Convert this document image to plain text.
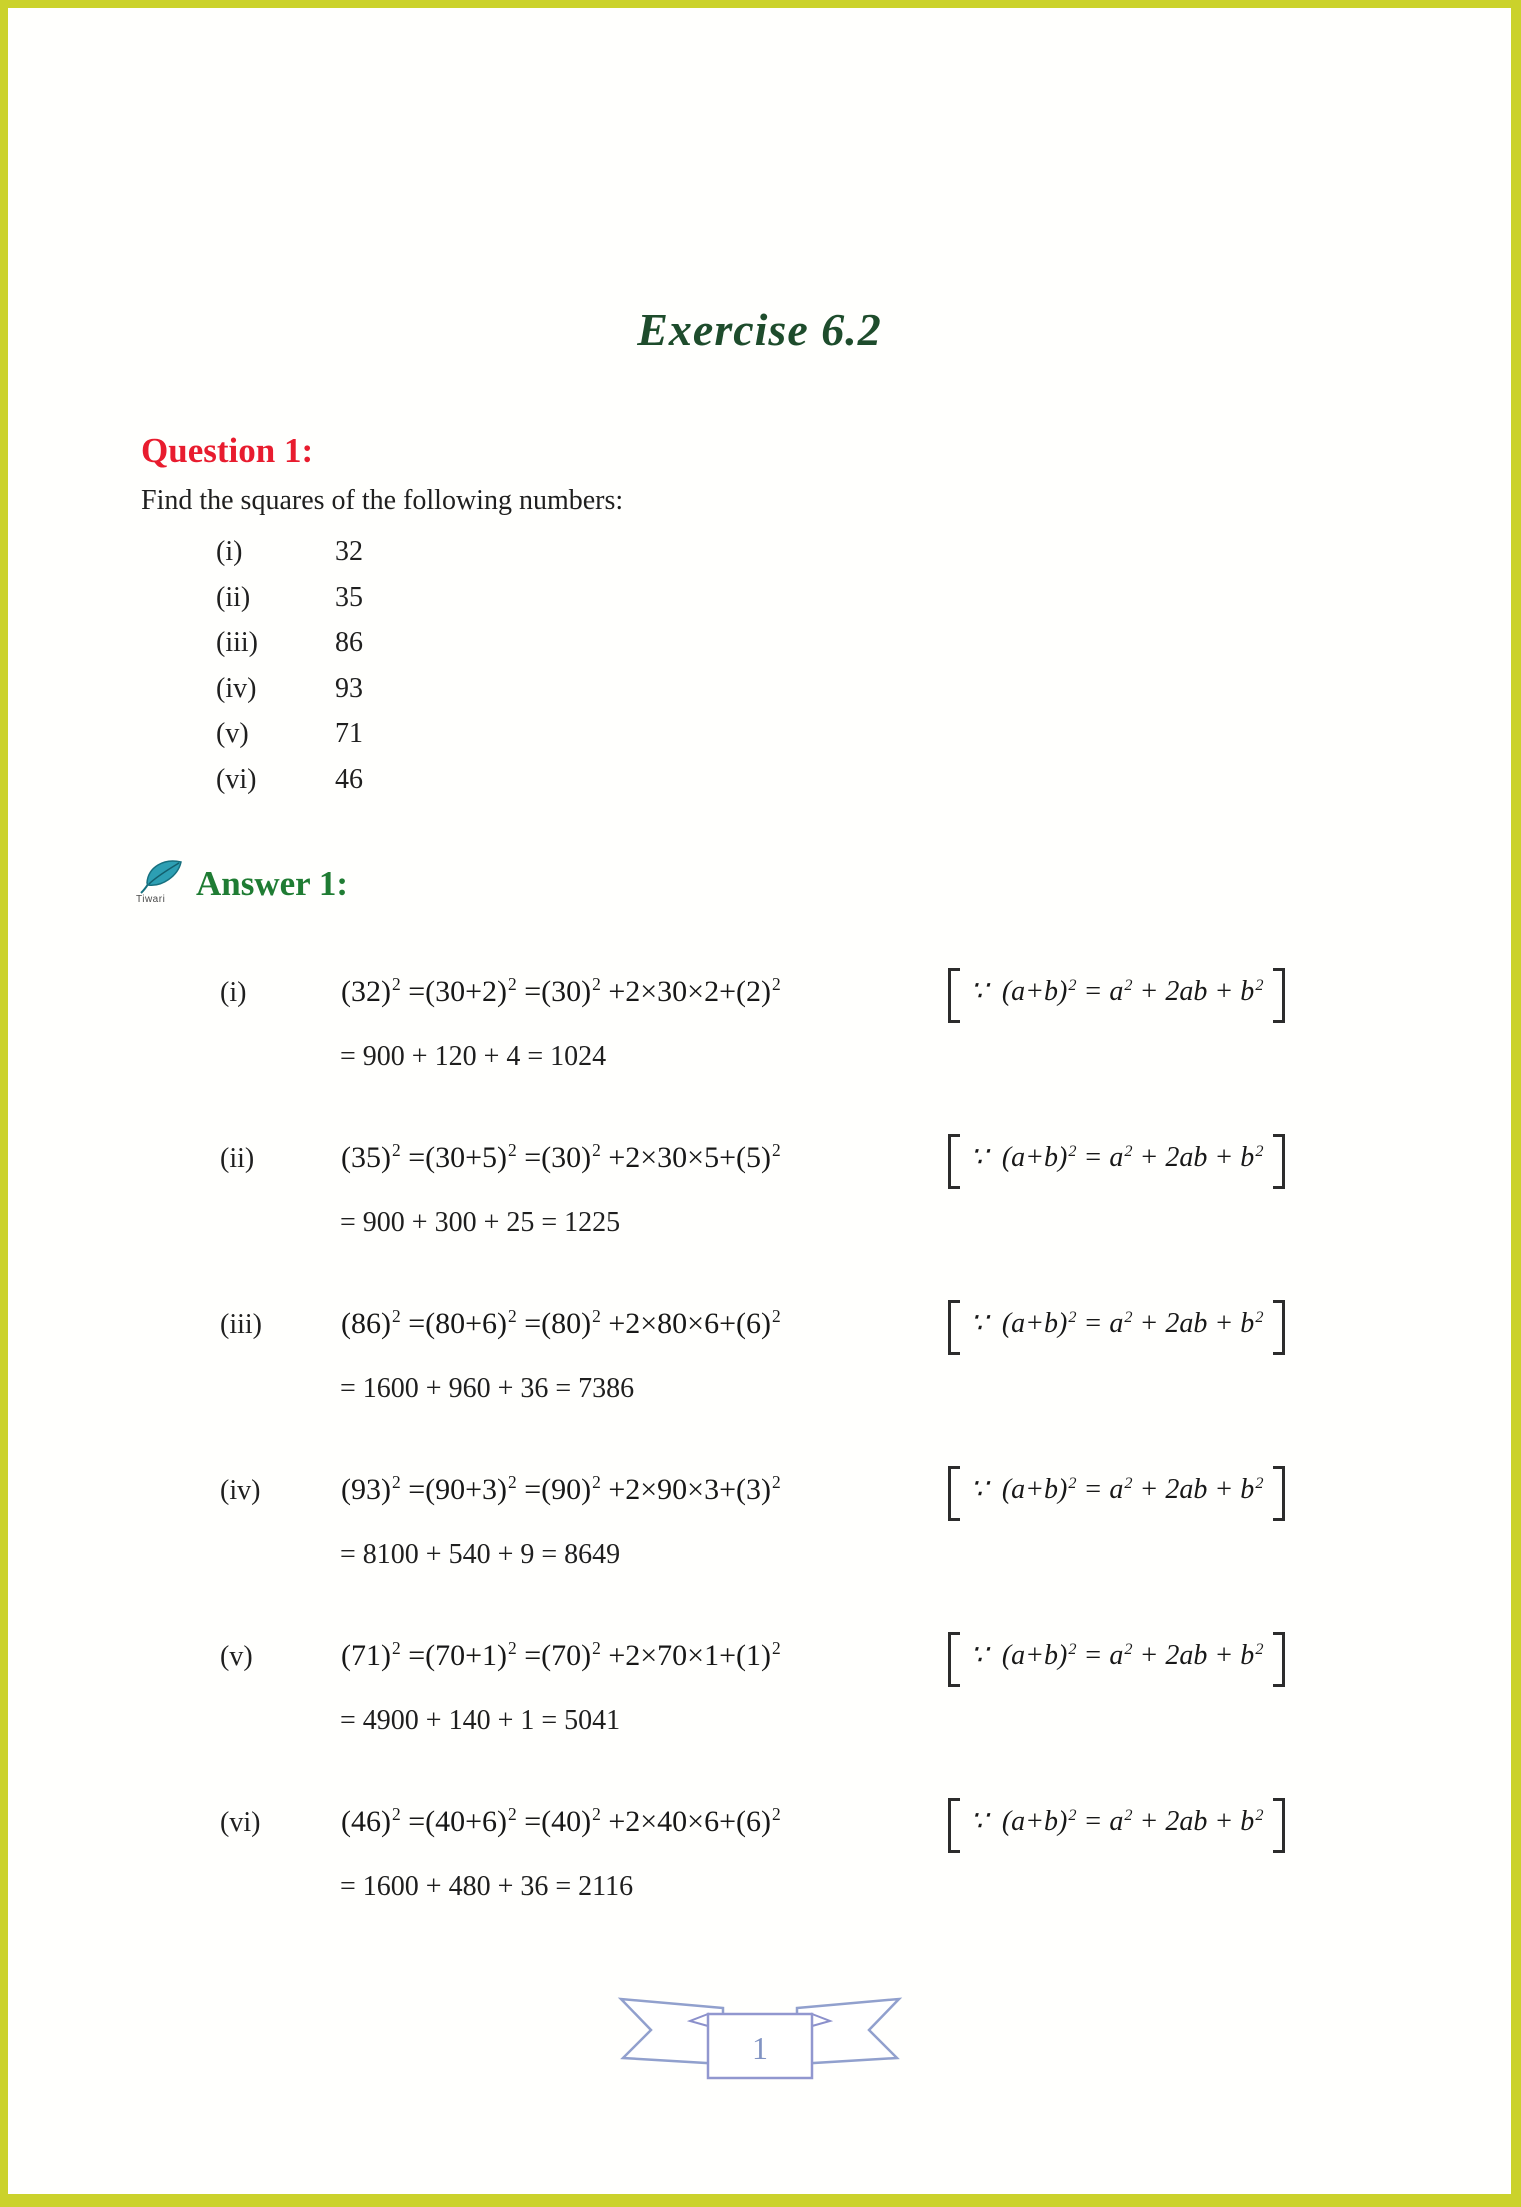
Exercise 6.2
Question 1:

Find the squares of the following numbers:

(i)	32
(ii)	35
(iii)	86
(iv)	93
(v)	71
(vi)	46
Tiwari Answer 1:
(i)	$(32)^2 =(30+2)^2 =(30)^2 +2\times 30\times 2+(2)^2$	∵ $(a+b)^2 = a^2 + 2ab + b^2$
= 900 + 120 + 4 = 1024
(ii)	$(35)^2 =(30+5)^2 =(30)^2 +2\times 30\times 5+(5)^2$	∵ $(a+b)^2 = a^2 + 2ab + b^2$
= 900 + 300 + 25 = 1225
(iii)	$(86)^2 =(80+6)^2 =(80)^2 +2\times 80\times 6+(6)^2$	∵ $(a+b)^2 = a^2 + 2ab + b^2$
= 1600 + 960 + 36 = 7386
(iv)	$(93)^2 =(90+3)^2 =(90)^2 +2\times 90\times 3+(3)^2$	∵ $(a+b)^2 = a^2 + 2ab + b^2$
= 8100 + 540 + 9 = 8649
(v)	$(71)^2 =(70+1)^2 =(70)^2 +2\times 70\times 1+(1)^2$	∵ $(a+b)^2 = a^2 + 2ab + b^2$
= 4900 + 140 + 1 = 5041
(vi)	$(46)^2 =(40+6)^2 =(40)^2 +2\times 40\times 6+(6)^2$	∵ $(a+b)^2 = a^2 + 2ab + b^2$
= 1600 + 480 + 36 = 2116
1
